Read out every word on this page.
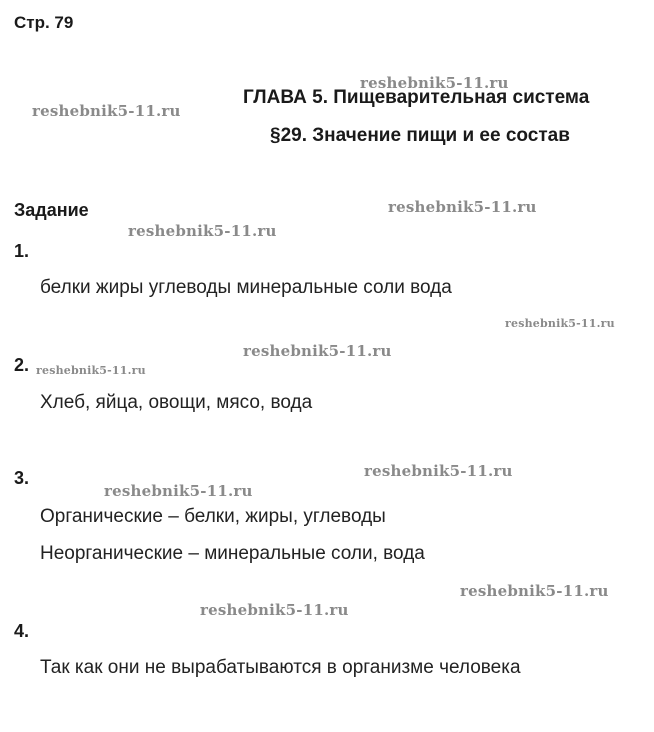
Стр. 79
ГЛАВА 5. Пищеварительная система
§29. Значение пищи и ее состав
Задание
1.
белки жиры углеводы минеральные соли вода
2.
Хлеб, яйца, овощи, мясо, вода
3.
Органические – белки, жиры, углеводы
Неорганические – минеральные соли, вода
4.
Так как они не вырабатываются в организме человека
reshebnik5-11.ru
reshebnik5-11.ru
reshebnik5-11.ru
reshebnik5-11.ru
reshebnik5-11.ru
reshebnik5-11.ru
reshebnik5-11.ru
reshebnik5-11.ru
reshebnik5-11.ru
reshebnik5-11.ru
reshebnik5-11.ru
